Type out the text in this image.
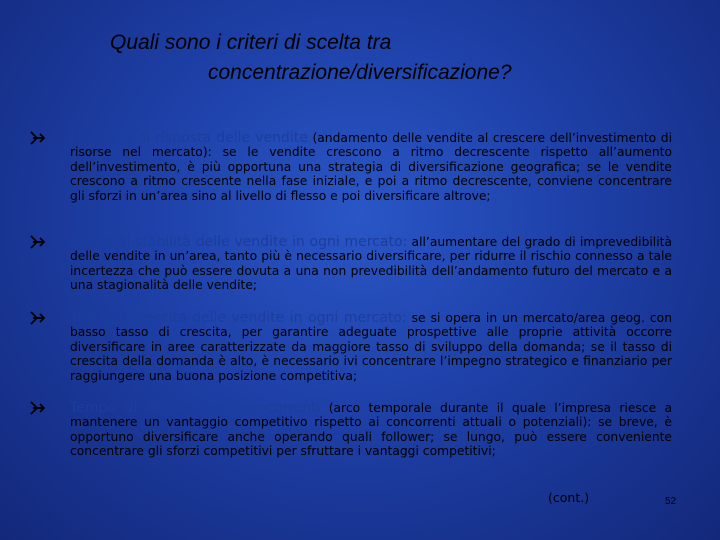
Quali sono i criteri di scelta tra
concentrazione/diversificazione?
Funzione di risposta delle vendite (andamento delle vendite al crescere dell’investimento di risorse nel mercato): se le vendite crescono a ritmo decrescente rispetto all’aumento dell’investimento, è più opportuna una strategia di diversificazione geografica; se le vendite crescono a ritmo crescente nella fase iniziale, e poi a ritmo decrescente, conviene concentrare gli sforzi in un’area sino al livello di flesso e poi diversificare altrove;
Grado di stabilità delle vendite in ogni mercato: all’aumentare del grado di imprevedibilità delle vendite in un’area, tanto più è necessario diversificare, per ridurre il rischio connesso a tale incertezza che può essere dovuta a una non prevedibilità dell’andamento futuro del mercato e a una stagionalità delle vendite;
Tasso di crescita delle vendite in ogni mercato: se si opera in un mercato/area geog. con basso tasso di crescita, per garantire adeguate prospettive alle proprie attività occorre diversificare in aree caratterizzate da maggiore tasso di sviluppo della domanda; se il tasso di crescita della domanda è alto, è necessario ivi concentrare l’impegno strategico e finanziario per raggiungere una buona posizione competitiva;
Tempo di risposta dei concorrenti (arco temporale durante il quale l’impresa riesce a mantenere un vantaggio competitivo rispetto ai concorrenti attuali o potenziali): se breve, è opportuno diversificare anche operando quali follower; se lungo, può essere conveniente concentrare gli sforzi competitivi per sfruttare i vantaggi competitivi;
(cont.)	52
